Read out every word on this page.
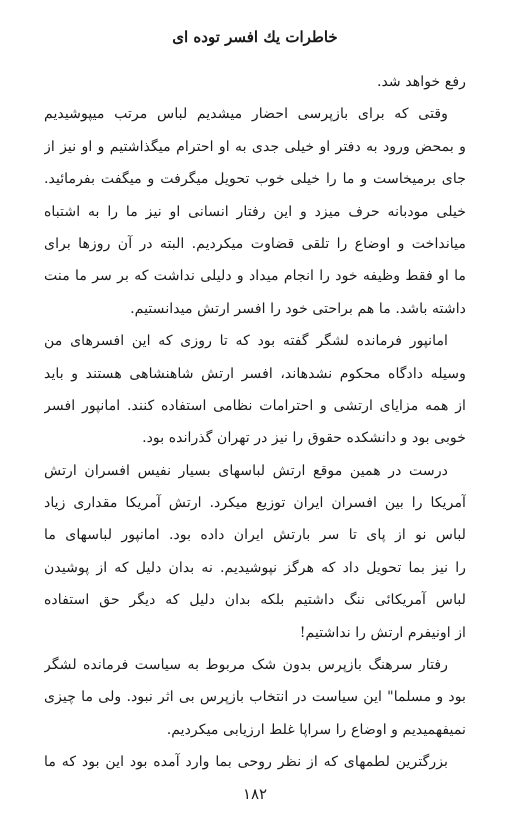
خاطرات يك افسر توده اى
رفع خواهد شد.
وقتی که برای بازپرسی احضار میشدیم لباس مرتب میپوشیدیم
و بمحض ورود به دفتر او خیلی جدی به او احترام میگذاشتیم و او نیز از
جای برمیخاست و ما را خیلی خوب تحویل میگرفت و میگفت بفرمائید.
خیلی مودبانه حرف میزد و این رفتار انسانی او نیز ما را به اشتباه
میانداخت و اوضاع را تلقی قضاوت میکردیم. البته در آن روزها برای
ما او فقط وظیفه خود را انجام میداد و دلیلی نداشت که بر سر ما منت
داشته باشد. ما هم براحتی خود را افسر ارتش میدانستیم.
امانپور فرمانده لشگر گفته بود که تا روزی که این افسرهای من
وسیله دادگاه محکوم نشدهاند، افسر ارتش شاهنشاهی هستند و باید
از همه مزایای ارتشی و احترامات نظامی استفاده کنند. امانپور افسر
خوبی بود و دانشکده حقوق را نیز در تهران گذرانده بود.
درست در همین موقع ارتش لباسهای بسیار نفیس افسران ارتش
آمریکا را بین افسران ایران توزیع میکرد. ارتش آمریکا مقداری زیاد
لباس نو از پای تا سر بارتش ایران داده بود. امانپور لباسهای ما
را نیز بما تحویل داد که هرگز نپوشیدیم. نه بدان دلیل که از پوشیدن
لباس آمریکائی ننگ داشتیم بلکه بدان دلیل که دیگر حق استفاده
از اونیفرم ارتش را نداشتیم!
رفتار سرهنگ بازپرس بدون شک مربوط به سیاست فرمانده لشگر
بود و مسلما" این سیاست در انتخاب بازپرس بی اثر نبود. ولی ما چیزی
نمیفهمیدیم و اوضاع را سراپا غلط ارزیابی میکردیم.
بزرگترین لطمهای که از نظر روحی بما وارد آمده بود این بود که ما
۱۸۲
